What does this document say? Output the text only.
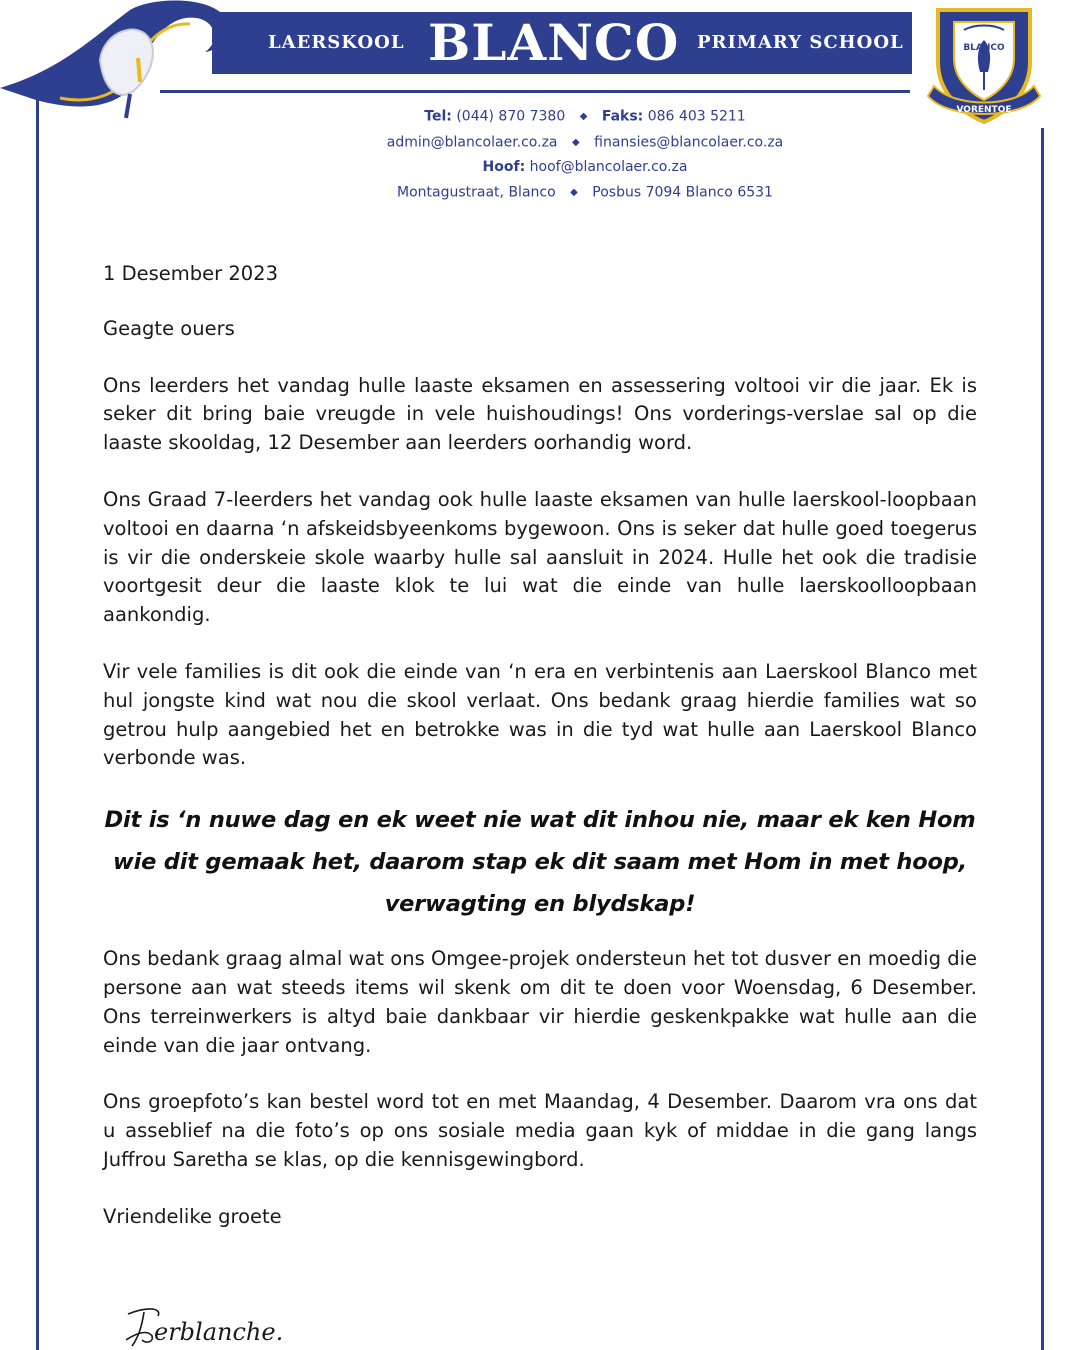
LAERSKOOL BLANCO PRIMARY SCHOOL	BLANCO
VORENTOE
Tel: (044) 870 7380 ◆ Faks: 086 403 5211
admin@blancolaer.co.za ◆ finansies@blancolaer.co.za
Hoof: hoof@blancolaer.co.za
Montagustraat, Blanco ◆ Posbus 7094 Blanco 6531

1 Desember 2023

Geagte ouers

Ons leerders het vandag hulle laaste eksamen en assessering voltooi vir die jaar. Ek is seker dit bring baie vreugde in vele huishoudings! Ons vorderings-verslae sal op die laaste skooldag, 12 Desember aan leerders oorhandig word.

Ons Graad 7-leerders het vandag ook hulle laaste eksamen van hulle laerskool-loopbaan voltooi en daarna ‘n afskeidsbyeenkoms bygewoon. Ons is seker dat hulle goed toegerus is vir die onderskeie skole waarby hulle sal aansluit in 2024. Hulle het ook die tradisie voortgesit deur die laaste klok te lui wat die einde van hulle laerskoolloopbaan aankondig.

Vir vele families is dit ook die einde van ‘n era en verbintenis aan Laerskool Blanco met hul jongste kind wat nou die skool verlaat. Ons bedank graag hierdie families wat so getrou hulp aangebied het en betrokke was in die tyd wat hulle aan Laerskool Blanco verbonde was.

Dit is ‘n nuwe dag en ek weet nie wat dit inhou nie, maar ek ken Hom wie dit gemaak het, daarom stap ek dit saam met Hom in met hoop, verwagting en blydskap!

Ons bedank graag almal wat ons Omgee-projek ondersteun het tot dusver en moedig die persone aan wat steeds items wil skenk om dit te doen voor Woensdag, 6 Desember. Ons terreinwerkers is altyd baie dankbaar vir hierdie geskenkpakke wat hulle aan die einde van die jaar ontvang.

Ons groepfoto’s kan bestel word tot en met Maandag, 4 Desember. Daarom vra ons dat u asseblief na die foto’s op ons sosiale media gaan kyk of middae in die gang langs Juffrou Saretha se klas, op die kennisgewingbord.

Vriendelike groete

erblanche.
